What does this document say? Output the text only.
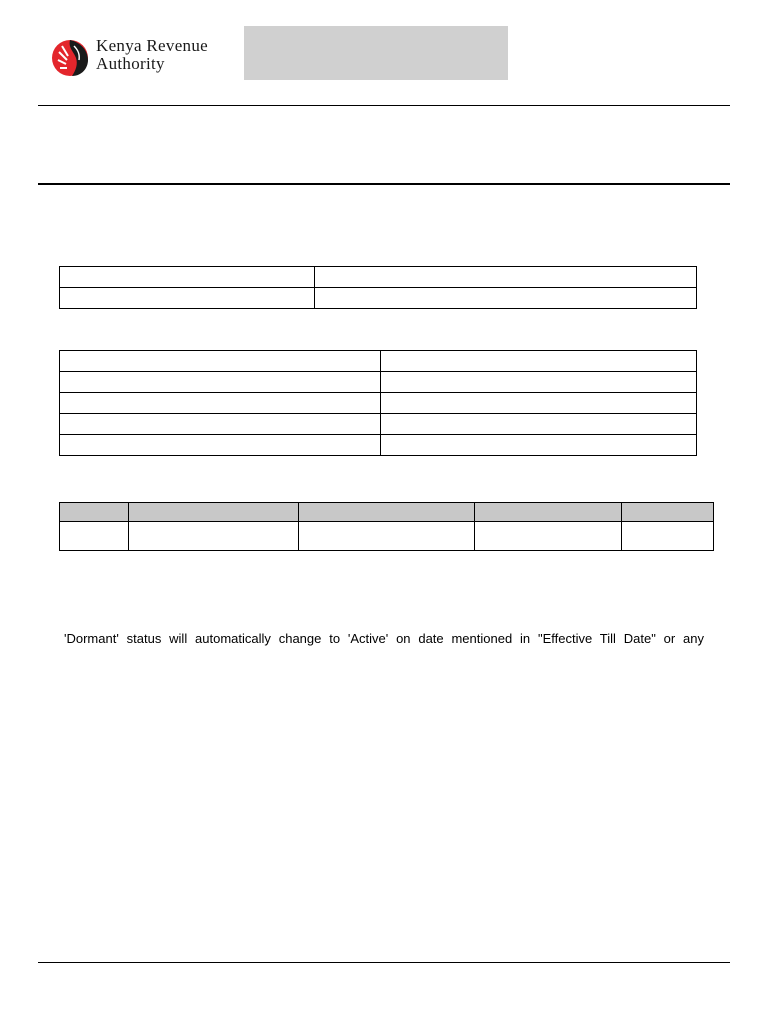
Kenya Revenue
Authority

'Dormant' status will automatically change to 'Active' on date mentioned in "Effective Till Date" or any
